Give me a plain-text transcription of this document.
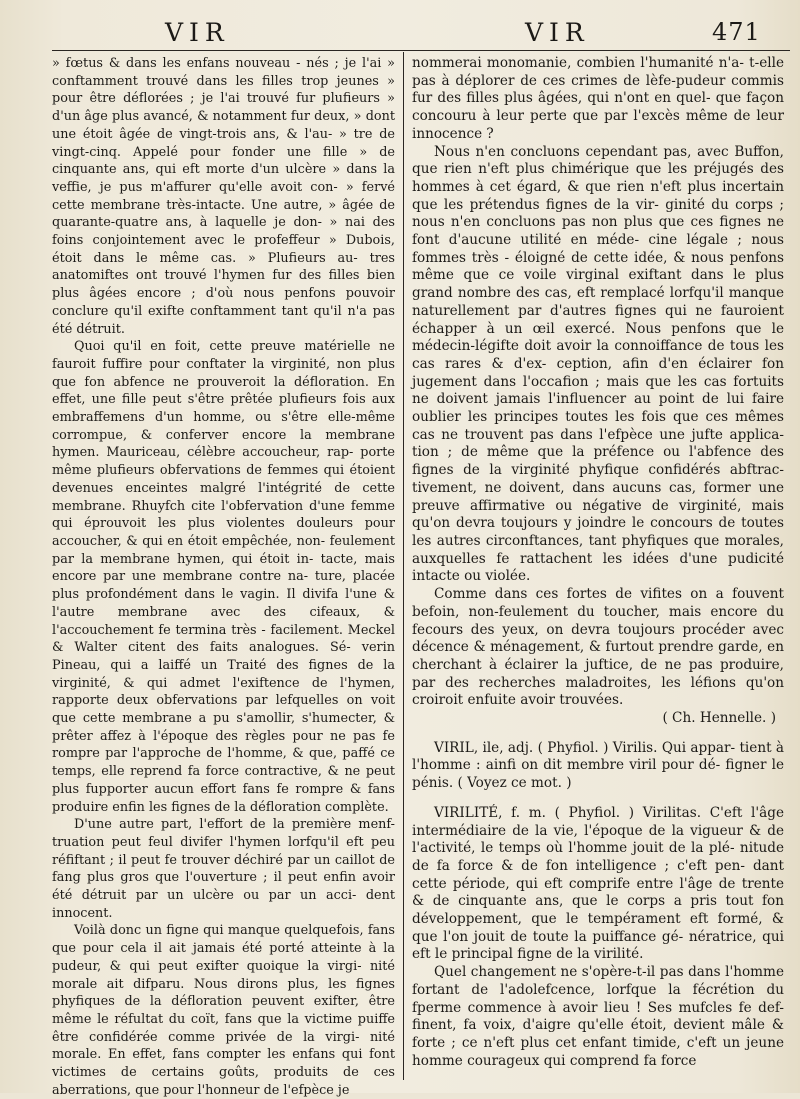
VIR	VIR	471

» fœtus & dans les enfans nouveau - nés ; je l'ai » conftamment trouvé dans les filles trop jeunes » pour être déflorées ; je l'ai trouvé fur plufieurs » d'un âge plus avancé, & notamment fur deux, » dont une étoit âgée de vingt-trois ans, & l'au- » tre de vingt-cinq. Appelé pour fonder une fille » de cinquante ans, qui eft morte d'un ulcère » dans la veffie, je pus m'affurer qu'elle avoit con- » fervé cette membrane très-intacte. Une autre, » âgée de quarante-quatre ans, à laquelle je don- » nai des foins conjointement avec le profeffeur » Dubois, étoit dans le même cas. » Plufieurs au- tres anatomiftes ont trouvé l'hymen fur des filles bien plus âgées encore ; d'où nous penfons pouvoir conclure qu'il exifte conftamment tant qu'il n'a pas été détruit.

Quoi qu'il en foit, cette preuve matérielle ne fauroit fuffire pour conftater la virginité, non plus que fon abfence ne prouveroit la défloration. En effet, une fille peut s'être prêtée plufieurs fois aux embraffemens d'un homme, ou s'être elle-même corrompue, & conferver encore la membrane hymen. Mauriceau, célèbre accoucheur, rap- porte même plufieurs obfervations de femmes qui étoient devenues enceintes malgré l'intégrité de cette membrane. Rhuyfch cite l'obfervation d'une femme qui éprouvoit les plus violentes douleurs pour accoucher, & qui en étoit empêchée, non- feulement par la membrane hymen, qui étoit in- tacte, mais encore par une membrane contre na- ture, placée plus profondément dans le vagin. Il divifa l'une & l'autre membrane avec des cifeaux, & l'accouchement fe termina très - facilement. Meckel & Walter citent des faits analogues. Sé- verin Pineau, qui a laiffé un Traité des fignes de la virginité, & qui admet l'exiftence de l'hymen, rapporte deux obfervations par lefquelles on voit que cette membrane a pu s'amollir, s'humecter, & prêter affez à l'époque des règles pour ne pas fe rompre par l'approche de l'homme, & que, paffé ce temps, elle reprend fa force contractive, & ne peut plus fupporter aucun effort fans fe rompre & fans produire enfin les fignes de la défloration complète.

D'une autre part, l'effort de la première menf- truation peut feul divifer l'hymen lorfqu'il eft peu réfiftant ; il peut fe trouver déchiré par un caillot de fang plus gros que l'ouverture ; il peut enfin avoir été détruit par un ulcère ou par un acci- dent innocent.

Voilà donc un figne qui manque quelquefois, fans que pour cela il ait jamais été porté atteinte à la pudeur, & qui peut exifter quoique la virgi- nité morale ait difparu. Nous dirons plus, les fignes phyfiques de la défloration peuvent exifter, être même le réfultat du coït, fans que la victime puiffe être confidérée comme privée de la virgi- nité morale. En effet, fans compter les enfans qui font victimes de certains goûts, produits de ces aberrations, que pour l'honneur de l'efpèce je

nommerai monomanie, combien l'humanité n'a- t-elle pas à déplorer de ces crimes de lèfe-pudeur commis fur des filles plus âgées, qui n'ont en quel- que façon concouru à leur perte que par l'excès même de leur innocence ?

Nous n'en concluons cependant pas, avec Buffon, que rien n'eft plus chimérique que les préjugés des hommes à cet égard, & que rien n'eft plus incertain que les prétendus fignes de la vir- ginité du corps ; nous n'en concluons pas non plus que ces fignes ne font d'aucune utilité en méde- cine légale ; nous fommes très - éloigné de cette idée, & nous penfons même que ce voile virginal exiftant dans le plus grand nombre des cas, eft remplacé lorfqu'il manque naturellement par d'autres fignes qui ne fauroient échapper à un œil exercé. Nous penfons que le médecin-légifte doit avoir la connoiffance de tous les cas rares & d'ex- ception, afin d'en éclairer fon jugement dans l'occafion ; mais que les cas fortuits ne doivent jamais l'influencer au point de lui faire oublier les principes toutes les fois que ces mêmes cas ne trouvent pas dans l'efpèce une jufte applica- tion ; de même que la préfence ou l'abfence des fignes de la virginité phyfique confidérés abftrac- tivement, ne doivent, dans aucuns cas, former une preuve affirmative ou négative de virginité, mais qu'on devra toujours y joindre le concours de toutes les autres circonftances, tant phyfiques que morales, auxquelles fe rattachent les idées d'une pudicité intacte ou violée.

Comme dans ces fortes de vifites on a fouvent befoin, non-feulement du toucher, mais encore du fecours des yeux, on devra toujours procéder avec décence & ménagement, & furtout prendre garde, en cherchant à éclairer la juftice, de ne pas produire, par des recherches maladroites, les léfions qu'on croiroit enfuite avoir trouvées.

( Ch. Hennelle. )

VIRIL, ile, adj. ( Phyfiol. ) Virilis. Qui appar- tient à l'homme : ainfi on dit membre viril pour dé- figner le pénis. ( Voyez ce mot. )

VIRILITÉ, f. m. ( Phyfiol. ) Virilitas. C'eft l'âge intermédiaire de la vie, l'époque de la vigueur & de l'activité, le temps où l'homme jouit de la plé- nitude de fa force & de fon intelligence ; c'eft pen- dant cette période, qui eft comprife entre l'âge de trente & de cinquante ans, que le corps a pris tout fon développement, que le tempérament eft formé, & que l'on jouit de toute la puiffance gé- nératrice, qui eft le principal figne de la virilité.

Quel changement ne s'opère-t-il pas dans l'homme fortant de l'adolefcence, lorfque la fécrétion du fperme commence à avoir lieu ! Ses mufcles fe def- finent, fa voix, d'aigre qu'elle étoit, devient mâle & forte ; ce n'eft plus cet enfant timide, c'eft un jeune homme courageux qui comprend fa force
